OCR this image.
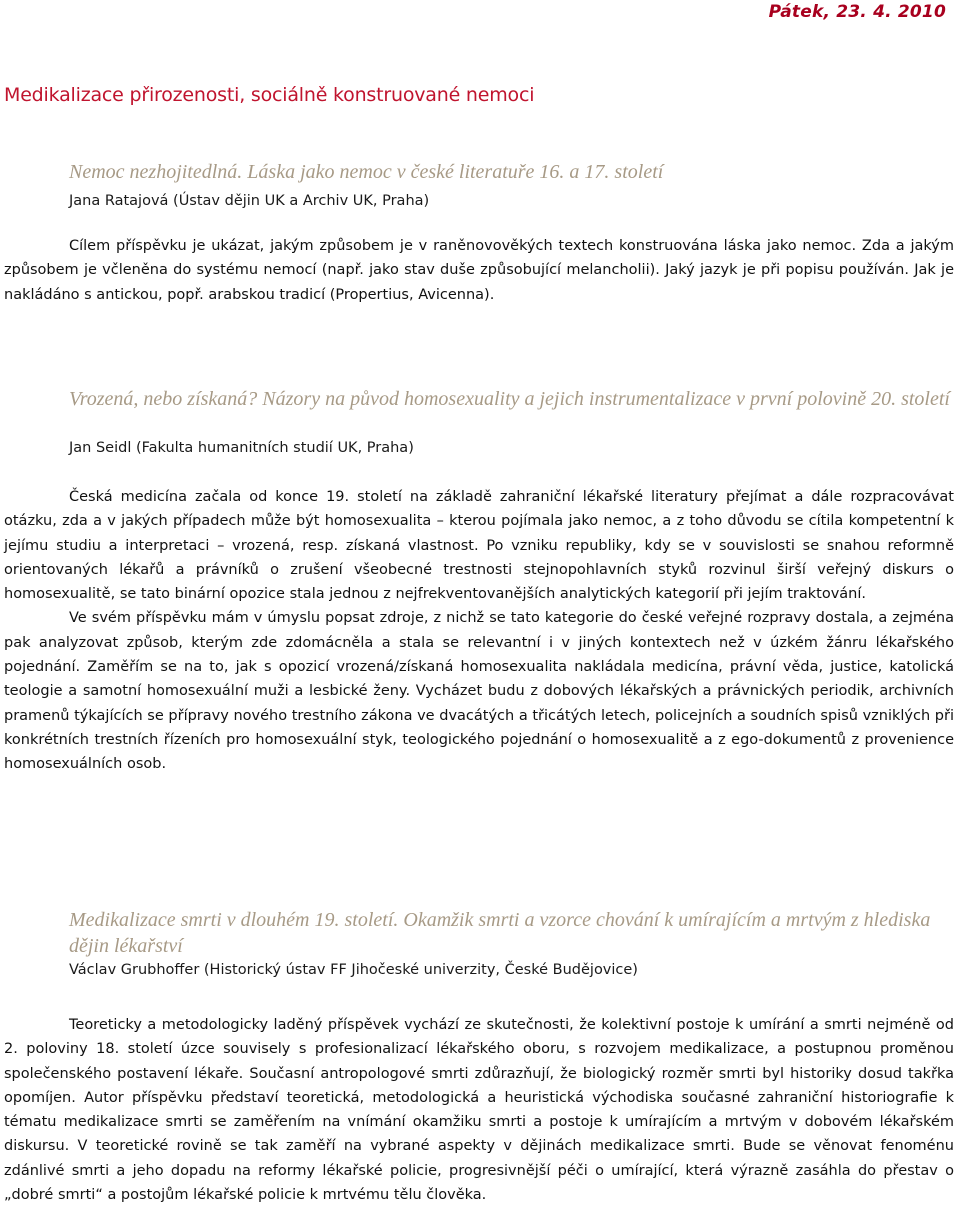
Pátek, 23. 4. 2010
Medikalizace přirozenosti, sociálně konstruované nemoci
Nemoc nezhojitedlná. Láska jako nemoc v české literatuře 16. a 17. století
Jana Ratajová (Ústav dějin UK a Archiv UK, Praha)

Cílem příspěvku je ukázat, jakým způsobem je v raněnovověkých textech konstruována láska jako nemoc. Zda a jakým způsobem je včleněna do systému nemocí (např. jako stav duše způsobující melancholii). Jaký jazyk je při popisu používán. Jak je nakládáno s antickou, popř. arabskou tradicí (Propertius, Avicenna).

Vrozená, nebo získaná? Názory na původ homosexuality a jejich instrumentalizace v první polovině 20. století
Jan Seidl (Fakulta humanitních studií UK, Praha)

Česká medicína začala od konce 19. století na základě zahraniční lékařské literatury přejímat a dále rozpracovávat otázku, zda a v jakých případech může být homosexualita – kterou pojímala jako nemoc, a z toho důvodu se cítila kompetentní k jejímu studiu a interpretaci – vrozená, resp. získaná vlastnost. Po vzniku republiky, kdy se v souvislosti se snahou reformně orientovaných lékařů a právníků o zrušení všeobecné trestnosti stejnopohlavních styků rozvinul širší veřejný diskurs o homosexualitě, se tato binární opozice stala jednou z nejfrekventovanějších analytických kategorií při jejím traktování.

Ve svém příspěvku mám v úmyslu popsat zdroje, z nichž se tato kategorie do české veřejné rozpravy dostala, a zejména pak analyzovat způsob, kterým zde zdomácněla a stala se relevantní i v jiných kontextech než v úzkém žánru lékařského pojednání. Zaměřím se na to, jak s opozicí vrozená/získaná homosexualita nakládala medicína, právní věda, justice, katolická teologie a samotní homosexuální muži a lesbické ženy. Vycházet budu z dobových lékařských a právnických periodik, archivních pramenů týkajících se přípravy nového trestního zákona ve dvacátých a třicátých letech, policejních a soudních spisů vzniklých při konkrétních trestních řízeních pro homosexuální styk, teologického pojednání o homosexualitě a z ego-dokumentů z provenience homosexuálních osob.

Medikalizace smrti v dlouhém 19. století. Okamžik smrti a vzorce chování k umírajícím a mrtvým z hlediska dějin lékařství
Václav Grubhoffer (Historický ústav FF Jihočeské univerzity, České Budějovice)

Teoreticky a metodologicky laděný příspěvek vychází ze skutečnosti, že kolektivní postoje k umírání a smrti nejméně od 2. poloviny 18. století úzce souvisely s profesionalizací lékařského oboru, s rozvojem medikalizace, a postupnou proměnou společenského postavení lékaře. Současní antropologové smrti zdůrazňují, že biologický rozměr smrti byl historiky dosud takřka opomíjen. Autor příspěvku představí teoretická, metodologická a heuristická východiska současné zahraniční historiografie k tématu medikalizace smrti se zaměřením na vnímání okamžiku smrti a postoje k umírajícím a mrtvým v dobovém lékařském diskursu. V teoretické rovině se tak zaměří na vybrané aspekty v dějinách medikalizace smrti. Bude se věnovat fenoménu zdánlivé smrti a jeho dopadu na reformy lékařské policie, progresivnější péči o umírající, která výrazně zasáhla do přestav o „dobré smrti“ a postojům lékařské policie k mrtvému tělu člověka.
